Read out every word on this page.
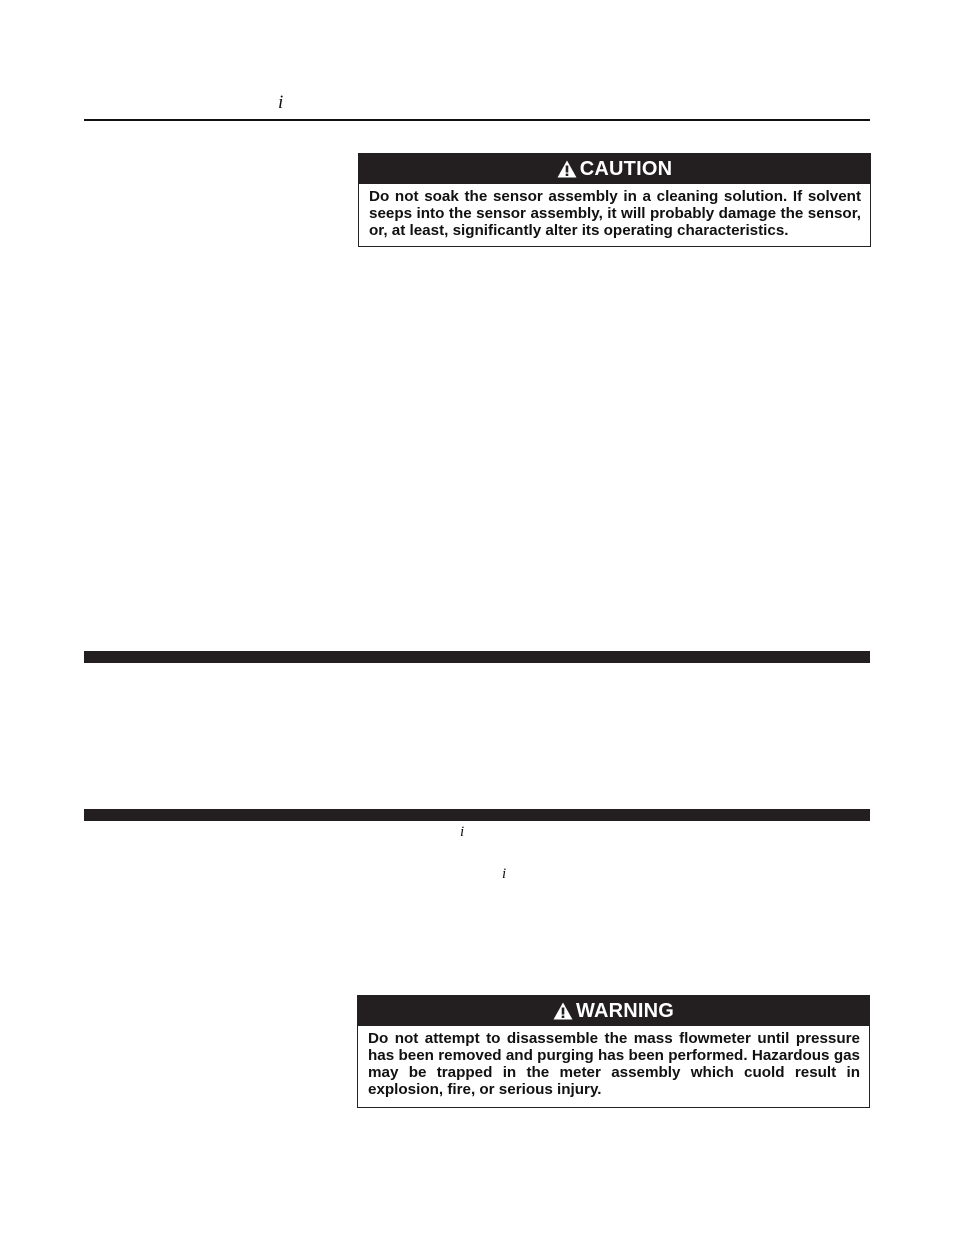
i
CAUTION
Do not soak the sensor assembly in a cleaning solution. If solvent seeps into the sensor assembly, it will probably damage the sensor, or, at least, significantly alter its operating characteristics.
i
i
WARNING
Do not attempt to disassemble the mass flowmeter until pressure has been removed and purging has been performed. Hazardous gas may be trapped in the meter assembly which cuold result in explosion, fire, or serious injury.
